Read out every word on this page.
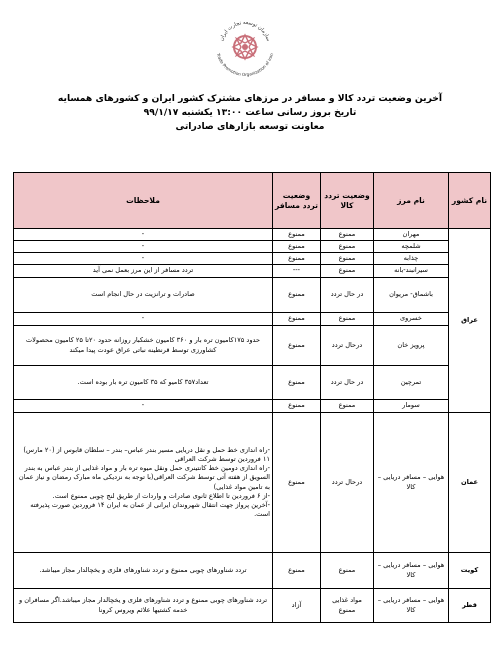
سازمان توسعه تجارت ایران
Trade Promotion Organization of Iran
آخرین وضعیت تردد کالا و مسافر در مرزهای مشترک کشور ایران و کشورهای همسایه
تاریخ بروز رسانی ساعت ۱۳:۰۰ یکشنبه ۹۹/۱/۱۷
معاونت توسعه بازارهای صادراتی
نام کشور	نام مرز	وضعیت تردد کالا	وضعیت تردد مسافر	ملاحظات
عراق	مهران	ممنوع	ممنوع	-
	شلمچه	ممنوع	ممنوع	-
	چذابه	ممنوع	ممنوع	-
	سیرانبند-بانه	ممنوع	---	تردد مسافر از این مرز بعمل نمی آید
	باشماق- مریوان	در حال تردد	ممنوع	صادرات و ترانزیت در حال انجام است
	خسروی	ممنوع	ممنوع	-
	پرویز خان	درحال تردد	ممنوع	حدود ۱۷۵کامیون تره بار و ۳۶۰ کامیون خشکبار روزانه حدود ۲۰تا ۲۵ کامیون محصولات کشاورزی توسط قرنطینه نباتی عراق عودت پیدا میکند
	تمرچین	در حال تردد	ممنوع	تعداد۳۵۷ کامیو که ۳۵ کامیون تره بار بوده است.
	سومار	ممنوع	ممنوع	-
عمان	هوایی – مسافر دریایی – کالا	درحال تردد	ممنوع	-راه اندازی خط حمل و نقل دریایی مسیر بندر عباس– بندر – سلطان قابوس از (۲۰ مارس) ۱۱ فروردین توسط شرکت العراقی
-راه اندازی دومین خط کانتینری حمل ونقل میوه تره بار و مواد غذایی از بندر عباس به بندر السویق از هفته آتی توسط شرکت العراقی(با توجه به نزدیکی ماه مبارک رمضان و نیاز عمان به تامین مواد غذایی)
-از ۶ فروردین تا اطلاع ثانوی صادرات و واردات از طریق لنج چوبی ممنوع است.
-آخرین پرواز جهت انتقال شهروندان ایرانی از عمان به ایران ۱۴ فروردین صورت پذیرفته است.

کویت	هوایی – مسافر دریایی – کالا	ممنوع	ممنوع	تردد شناورهای چوبی ممنوع و تردد شناورهای فلزی و یخچالدار مجاز میباشد.
قطر	هوایی – مسافر دریایی – کالا	مواد غذایی ممنوع	آزاد	تردد شناورهای چوبی ممنوع و تردد شناورهای فلزی و یخچالدار مجاز میباشد.اگر مسافران و خدمه کشتیها علائم ویروس کرونا
